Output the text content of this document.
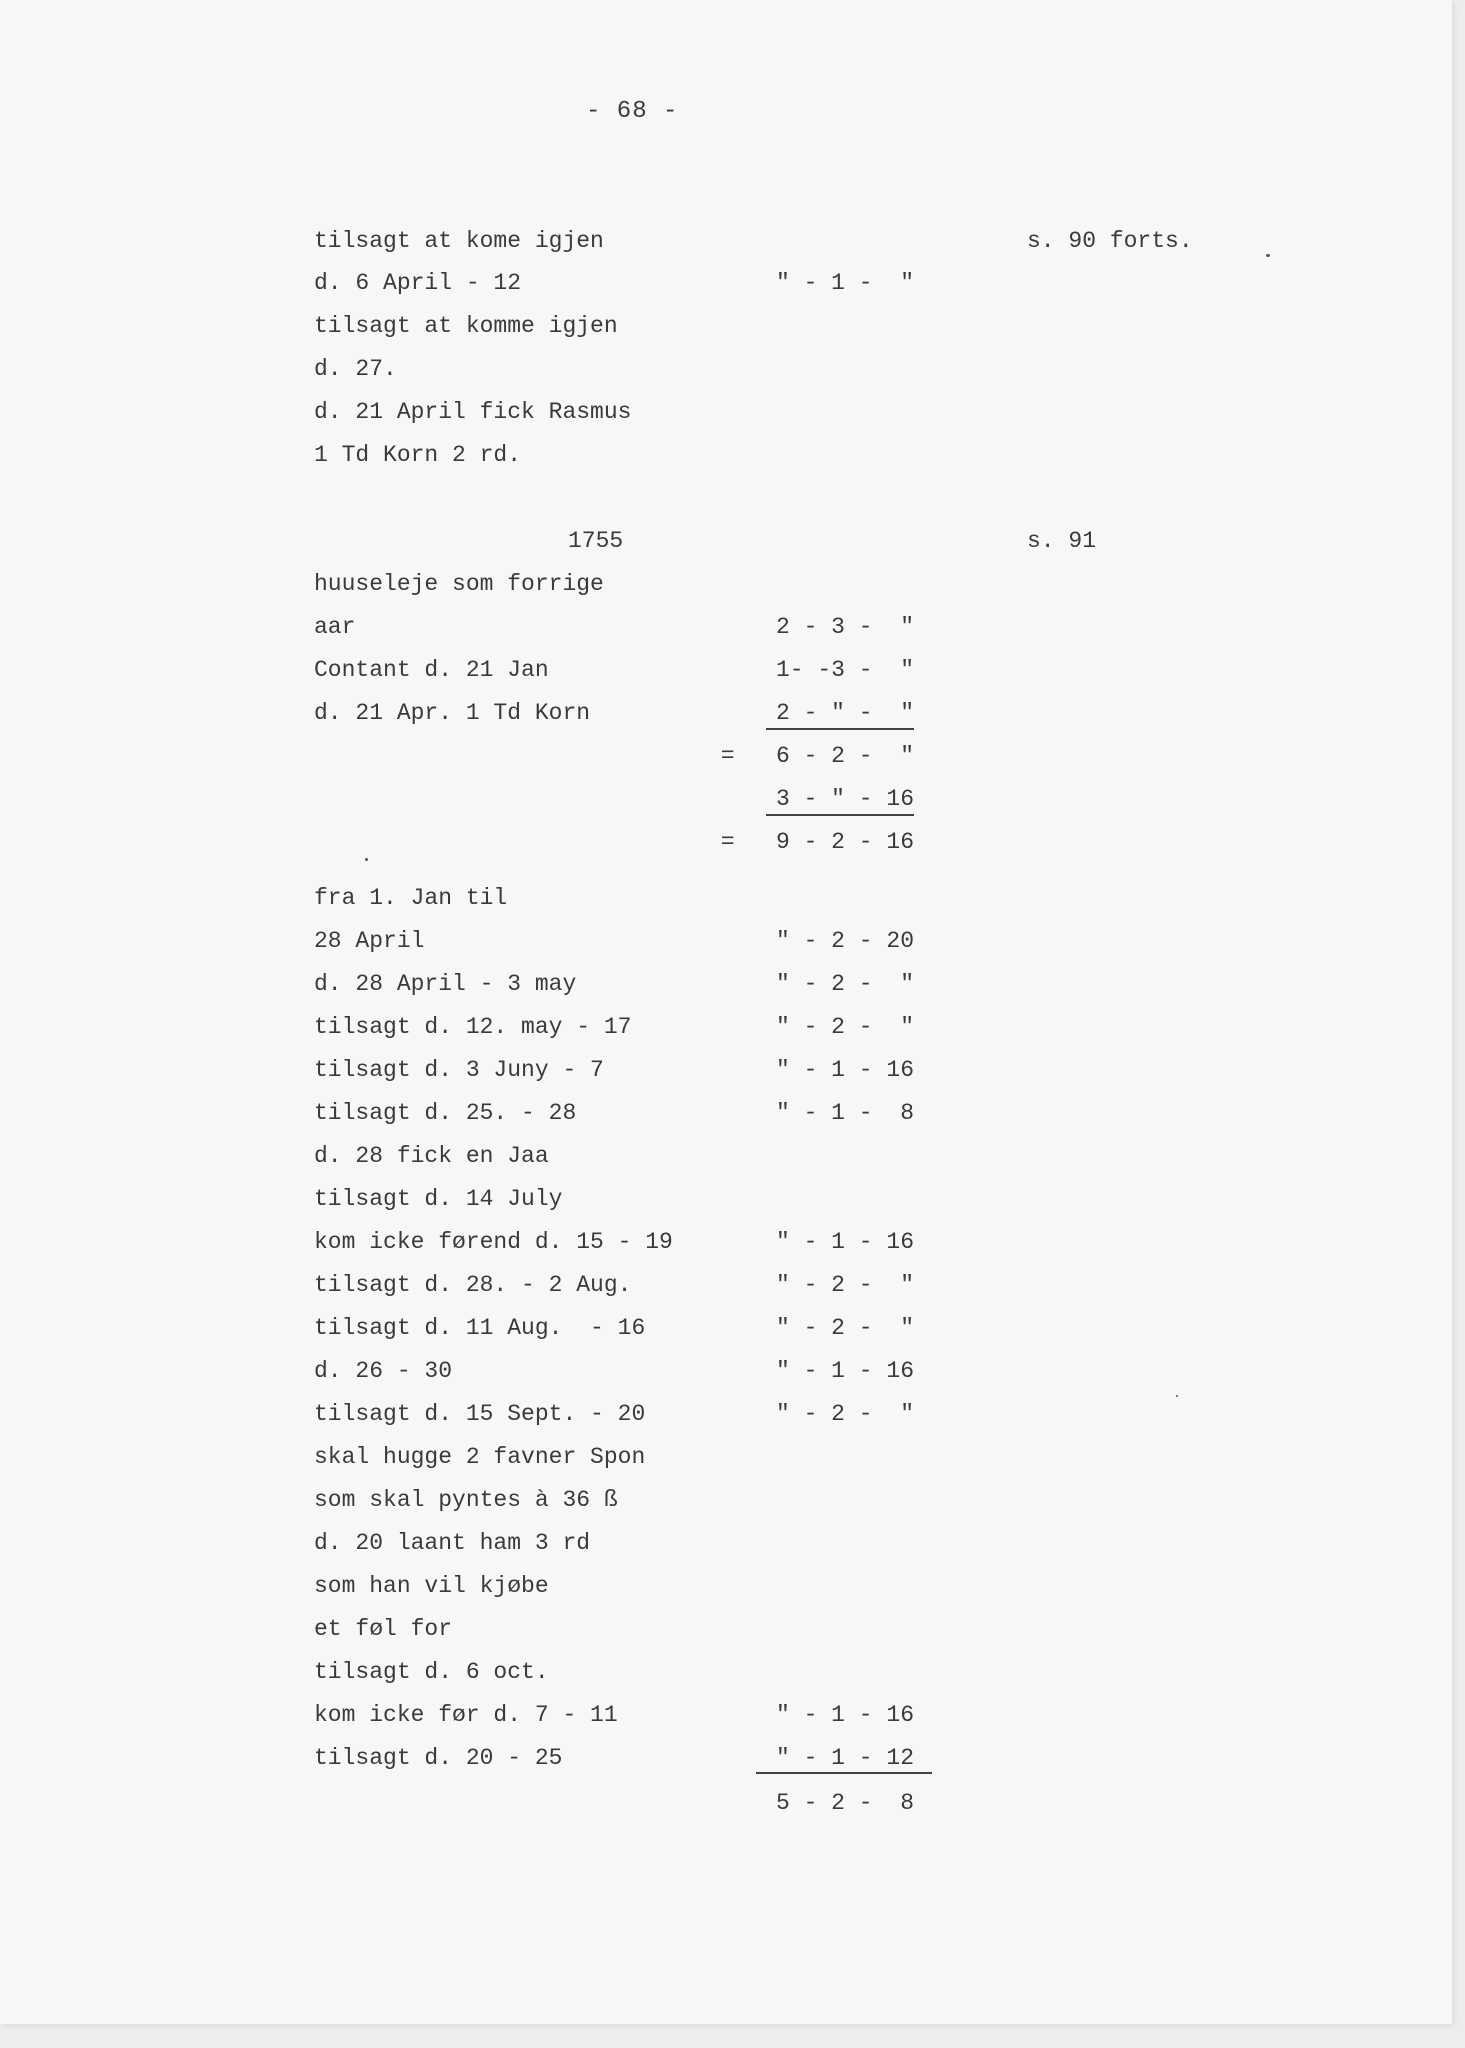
- 68 -
tilsagt at kome igjen	s. 90 forts.
d. 6 April - 12	" - 1 -  "
tilsagt at komme igjen
d. 27.
d. 21 April fick Rasmus
1 Td Korn 2 rd.
1755	s. 91
huuseleje som forrige
aar	2 - 3 -  "
Contant d. 21 Jan	1- -3 -  "
d. 21 Apr. 1 Td Korn	2 - " -  "
=   6 - 2 -  "
3 - " - 16
=   9 - 2 - 16
fra 1. Jan til
28 April	" - 2 - 20
d. 28 April - 3 may	" - 2 -  "
tilsagt d. 12. may - 17	" - 2 -  "
tilsagt d. 3 Juny - 7	" - 1 - 16
tilsagt d. 25. - 28	" - 1 -  8
d. 28 fick en Jaa
tilsagt d. 14 July
kom icke førend d. 15 - 19	" - 1 - 16
tilsagt d. 28. - 2 Aug.	" - 2 -  "
tilsagt d. 11 Aug.  - 16	" - 2 -  "
d. 26 - 30	" - 1 - 16
tilsagt d. 15 Sept. - 20	" - 2 -  "
skal hugge 2 favner Spon
som skal pyntes à 36 ß
d. 20 laant ham 3 rd
som han vil kjøbe
et føl for
tilsagt d. 6 oct.
kom icke før d. 7 - 11	" - 1 - 16
tilsagt d. 20 - 25	" - 1 - 12
5 - 2 -  8
